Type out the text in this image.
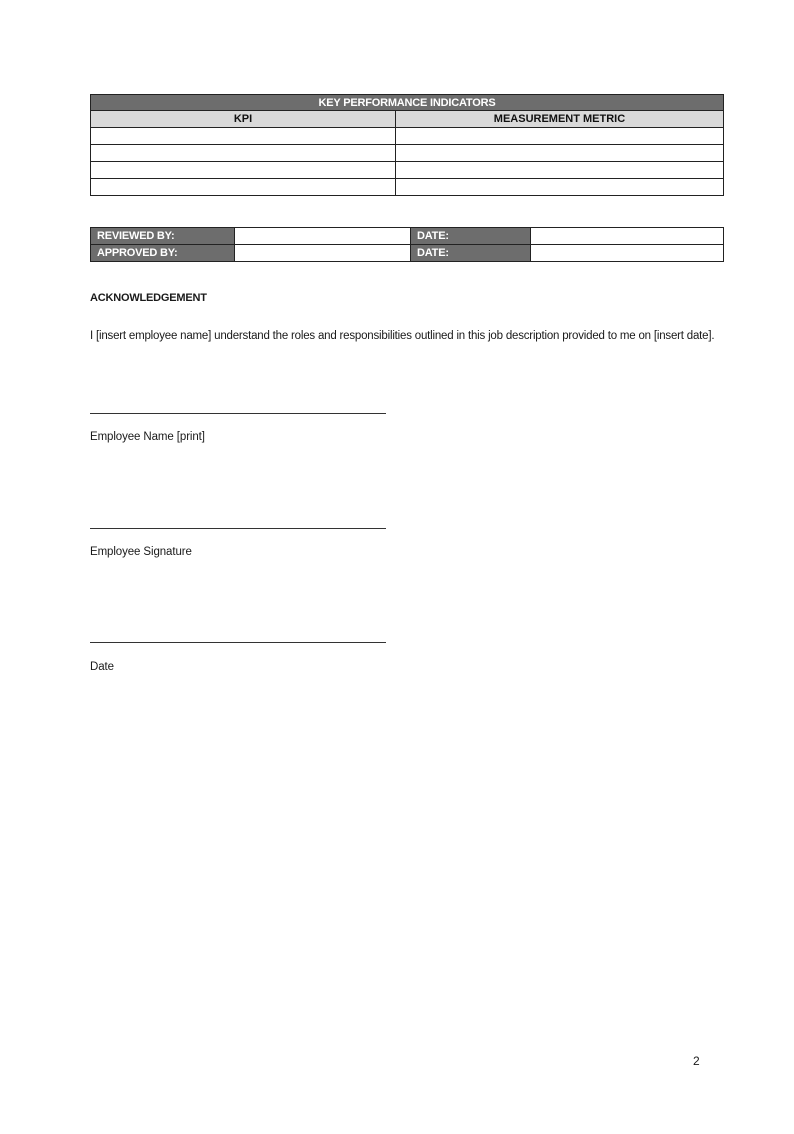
KEY PERFORMANCE INDICATORS	
KPI	MEASUREMENT METRIC

REVIEWED BY:		DATE:	
APPROVED BY:		DATE:	
ACKNOWLEDGEMENT
I [insert employee name] understand the roles and responsibilities outlined in this job description provided to me on [insert date].
Employee Name [print]
Employee Signature
Date
2
